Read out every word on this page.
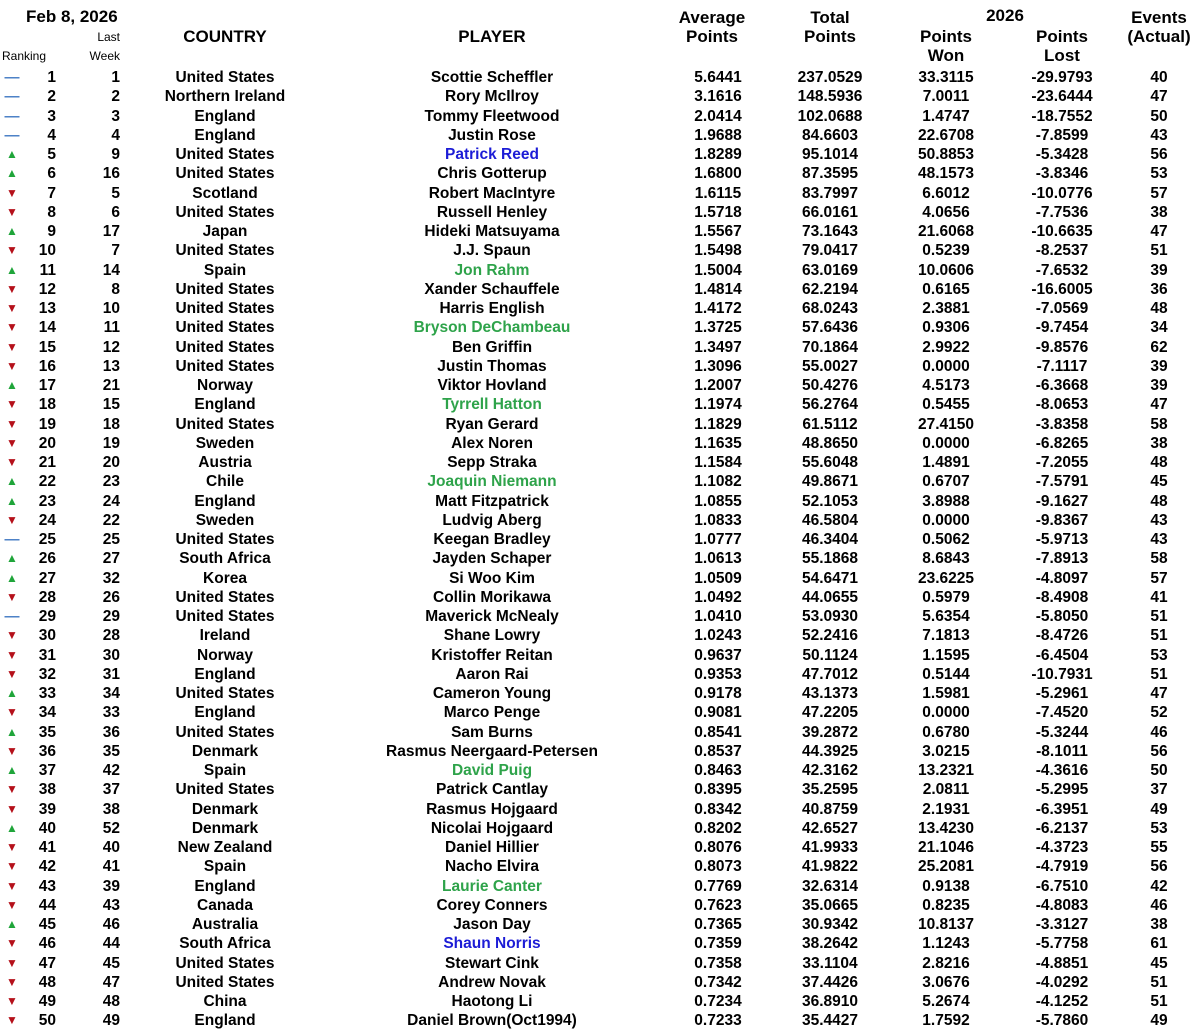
Feb 8, 2026
Last
Week
Ranking
COUNTRY	PLAYER
Average
Points
Total
Points
2026
Points
Won
Points
Lost
Events
(Actual)
—	1	1	United States	Scottie Scheffler	5.6441	237.0529	33.3115	-29.9793	40
—	2	2	Northern Ireland	Rory McIlroy	3.1616	148.5936	7.0011	-23.6444	47
—	3	3	England	Tommy Fleetwood	2.0414	102.0688	1.4747	-18.7552	50
—	4	4	England	Justin Rose	1.9688	84.6603	22.6708	-7.8599	43
▲	5	9	United States	Patrick Reed	1.8289	95.1014	50.8853	-5.3428	56
▲	6	16	United States	Chris Gotterup	1.6800	87.3595	48.1573	-3.8346	53
▼	7	5	Scotland	Robert MacIntyre	1.6115	83.7997	6.6012	-10.0776	57
▼	8	6	United States	Russell Henley	1.5718	66.0161	4.0656	-7.7536	38
▲	9	17	Japan	Hideki Matsuyama	1.5567	73.1643	21.6068	-10.6635	47
▼	10	7	United States	J.J. Spaun	1.5498	79.0417	0.5239	-8.2537	51
▲	11	14	Spain	Jon Rahm	1.5004	63.0169	10.0606	-7.6532	39
▼	12	8	United States	Xander Schauffele	1.4814	62.2194	0.6165	-16.6005	36
▼	13	10	United States	Harris English	1.4172	68.0243	2.3881	-7.0569	48
▼	14	11	United States	Bryson DeChambeau	1.3725	57.6436	0.9306	-9.7454	34
▼	15	12	United States	Ben Griffin	1.3497	70.1864	2.9922	-9.8576	62
▼	16	13	United States	Justin Thomas	1.3096	55.0027	0.0000	-7.1117	39
▲	17	21	Norway	Viktor Hovland	1.2007	50.4276	4.5173	-6.3668	39
▼	18	15	England	Tyrrell Hatton	1.1974	56.2764	0.5455	-8.0653	47
▼	19	18	United States	Ryan Gerard	1.1829	61.5112	27.4150	-3.8358	58
▼	20	19	Sweden	Alex Noren	1.1635	48.8650	0.0000	-6.8265	38
▼	21	20	Austria	Sepp Straka	1.1584	55.6048	1.4891	-7.2055	48
▲	22	23	Chile	Joaquin Niemann	1.1082	49.8671	0.6707	-7.5791	45
▲	23	24	England	Matt Fitzpatrick	1.0855	52.1053	3.8988	-9.1627	48
▼	24	22	Sweden	Ludvig Aberg	1.0833	46.5804	0.0000	-9.8367	43
—	25	25	United States	Keegan Bradley	1.0777	46.3404	0.5062	-5.9713	43
▲	26	27	South Africa	Jayden Schaper	1.0613	55.1868	8.6843	-7.8913	58
▲	27	32	Korea	Si Woo Kim	1.0509	54.6471	23.6225	-4.8097	57
▼	28	26	United States	Collin Morikawa	1.0492	44.0655	0.5979	-8.4908	41
—	29	29	United States	Maverick McNealy	1.0410	53.0930	5.6354	-5.8050	51
▼	30	28	Ireland	Shane Lowry	1.0243	52.2416	7.1813	-8.4726	51
▼	31	30	Norway	Kristoffer Reitan	0.9637	50.1124	1.1595	-6.4504	53
▼	32	31	England	Aaron Rai	0.9353	47.7012	0.5144	-10.7931	51
▲	33	34	United States	Cameron Young	0.9178	43.1373	1.5981	-5.2961	47
▼	34	33	England	Marco Penge	0.9081	47.2205	0.0000	-7.4520	52
▲	35	36	United States	Sam Burns	0.8541	39.2872	0.6780	-5.3244	46
▼	36	35	Denmark	Rasmus Neergaard-Petersen	0.8537	44.3925	3.0215	-8.1011	56
▲	37	42	Spain	David Puig	0.8463	42.3162	13.2321	-4.3616	50
▼	38	37	United States	Patrick Cantlay	0.8395	35.2595	2.0811	-5.2995	37
▼	39	38	Denmark	Rasmus Hojgaard	0.8342	40.8759	2.1931	-6.3951	49
▲	40	52	Denmark	Nicolai Hojgaard	0.8202	42.6527	13.4230	-6.2137	53
▼	41	40	New Zealand	Daniel Hillier	0.8076	41.9933	21.1046	-4.3723	55
▼	42	41	Spain	Nacho Elvira	0.8073	41.9822	25.2081	-4.7919	56
▼	43	39	England	Laurie Canter	0.7769	32.6314	0.9138	-6.7510	42
▼	44	43	Canada	Corey Conners	0.7623	35.0665	0.8235	-4.8083	46
▲	45	46	Australia	Jason Day	0.7365	30.9342	10.8137	-3.3127	38
▼	46	44	South Africa	Shaun Norris	0.7359	38.2642	1.1243	-5.7758	61
▼	47	45	United States	Stewart Cink	0.7358	33.1104	2.8216	-4.8851	45
▼	48	47	United States	Andrew Novak	0.7342	37.4426	3.0676	-4.0292	51
▼	49	48	China	Haotong Li	0.7234	36.8910	5.2674	-4.1252	51
▼	50	49	England	Daniel Brown(Oct1994)	0.7233	35.4427	1.7592	-5.7860	49
